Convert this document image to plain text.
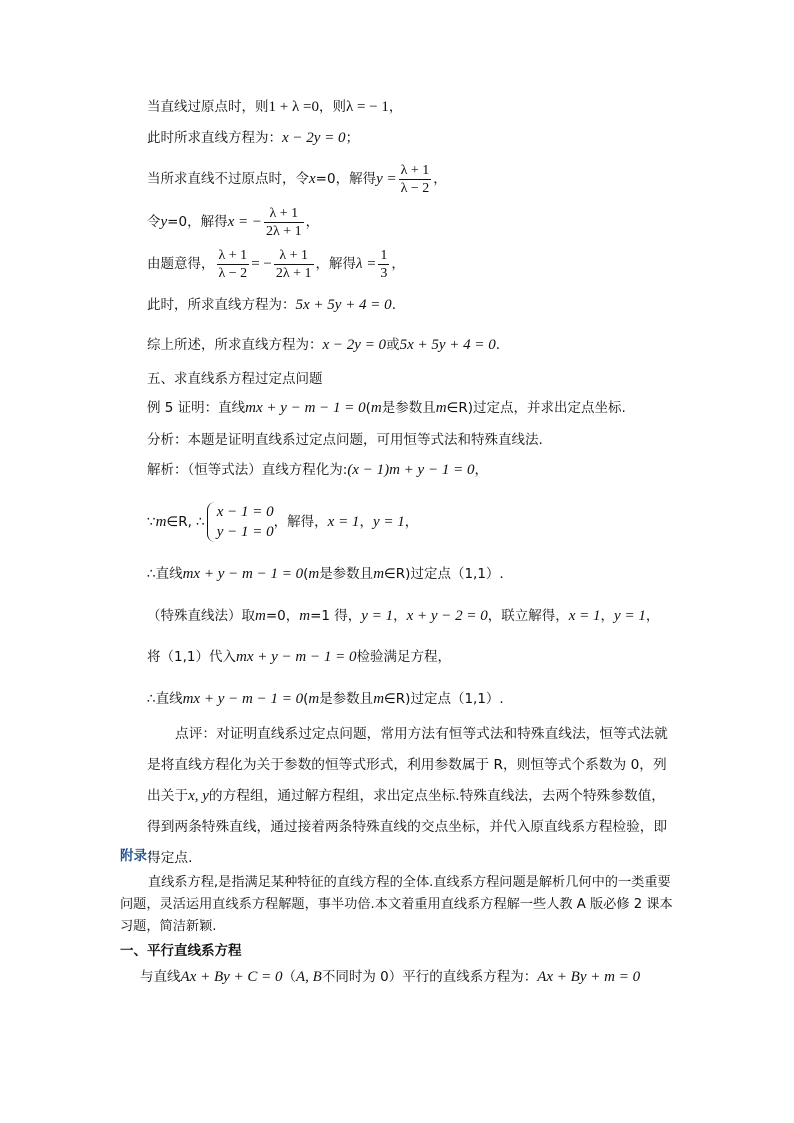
当直线过原点时，则1 + λ =0，则λ = − 1，
此时所求直线方程为：x − 2y = 0；
当所求直线不过原点时，令x=0，解得$y = \frac{\lambda + 1}{\lambda - 2}$ ，
令y=0，解得x = − $\frac{\lambda + 1}{2\lambda + 1}$ ，
由题意得， $\frac{\lambda + 1}{\lambda - 2}$ = − $\frac{\lambda + 1}{2\lambda + 1}$ ，解得$\lambda = \frac{1}{3}$ ，
此时，所求直线方程为：5x + 5y + 4 = 0.
综上所述，所求直线方程为：x − 2y = 0或5x + 5y + 4 = 0.
五、求直线系方程过定点问题
例 5 证明：直线mx + y − m − 1 = 0(m是参数且m∈R)过定点，并求出定点坐标.
分析：本题是证明直线系过定点问题，可用恒等式法和特殊直线法.
解析：（恒等式法）直线方程化为:(x − 1)m + y − 1 = 0，
∵m∈R, ∴
x − 1 = 0
y − 1 = 0
，解得，x = 1，y = 1，
∴直线mx + y − m − 1 = 0(m是参数且m∈R)过定点（1,1）.
（特殊直线法）取m=0，m=1 得，y = 1，x + y − 2 = 0，联立解得，x = 1，y = 1，
将（1,1）代入mx + y − m − 1 = 0检验满足方程，
∴直线mx + y − m − 1 = 0(m是参数且m∈R)过定点（1,1）.
点评：对证明直线系过定点问题，常用方法有恒等式法和特殊直线法，恒等式法就是将直线方程化为关于参数的恒等式形式，利用参数属于 R，则恒等式个系数为 0，列出关于x, y的方程组，通过解方程组，求出定点坐标.特殊直线法，去两个特殊参数值，得到两条特殊直线，通过接着两条特殊直线的交点坐标，并代入原直线系方程检验，即得定点.
附录：
直线系方程,是指满足某种特征的直线方程的全体.直线系方程问题是解析几何中的一类重要问题，灵活运用直线系方程解题，事半功倍.本文着重用直线系方程解一些人教 A 版必修 2 课本习题，简洁新颖.
一、平行直线系方程
与直线Ax + By + C = 0（A, B不同时为 0）平行的直线系方程为：Ax + By + m = 0
